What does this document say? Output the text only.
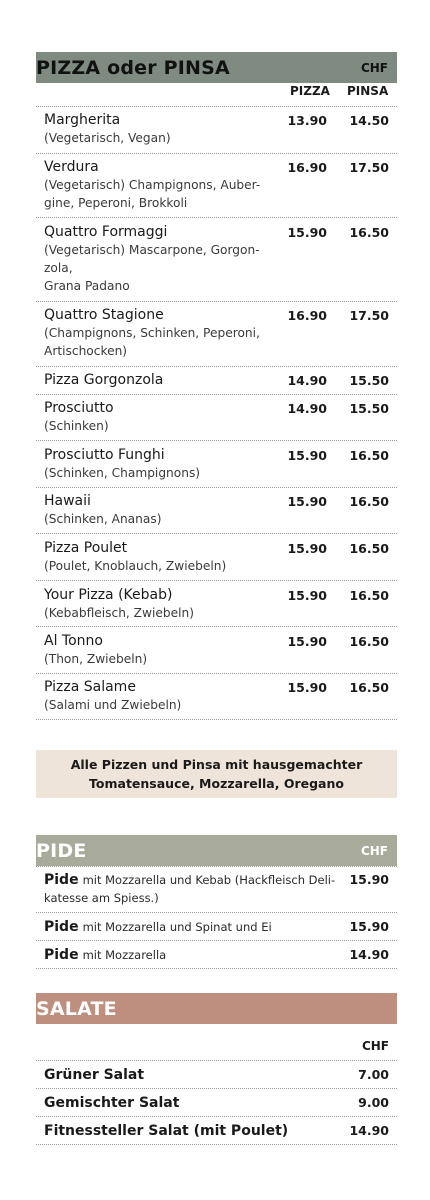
PIZZA oder PINSA	CHF
PIZZA PINSA
Margherita
(Vegetarisch, Vegan)
13.90	14.50
Verdura
(Vegetarisch) Champignons, Auber-
gine, Peperoni, Brokkoli
16.90	17.50
Quattro Formaggi
(Vegetarisch) Mascarpone, Gorgon-
zola,
Grana Padano
15.90	16.50
Quattro Stagione
(Champignons, Schinken, Peperoni,
Artischocken)
16.90	17.50
Pizza Gorgonzola	14.90	15.50
Prosciutto
(Schinken)
14.90	15.50
Prosciutto Funghi
(Schinken, Champignons)
15.90	16.50
Hawaii
(Schinken, Ananas)
15.90	16.50
Pizza Poulet
(Poulet, Knoblauch, Zwiebeln)
15.90	16.50
Your Pizza (Kebab)
(Kebabfleisch, Zwiebeln)
15.90	16.50
Al Tonno
(Thon, Zwiebeln)
15.90	16.50
Pizza Salame
(Salami und Zwiebeln)
15.90	16.50
Alle Pizzen und Pinsa mit hausgemachter
Tomatensauce, Mozzarella, Oregano
PIDE	CHF
Pide mit Mozzarella und Kebab (Hackfleisch Deli-
katesse am Spiess.)
15.90
Pide mit Mozzarella und Spinat und Ei	15.90
Pide mit Mozzarella	14.90
SALATE
CHF
Grüner Salat	7.00
Gemischter Salat	9.00
Fitnessteller Salat (mit Poulet)	14.90
